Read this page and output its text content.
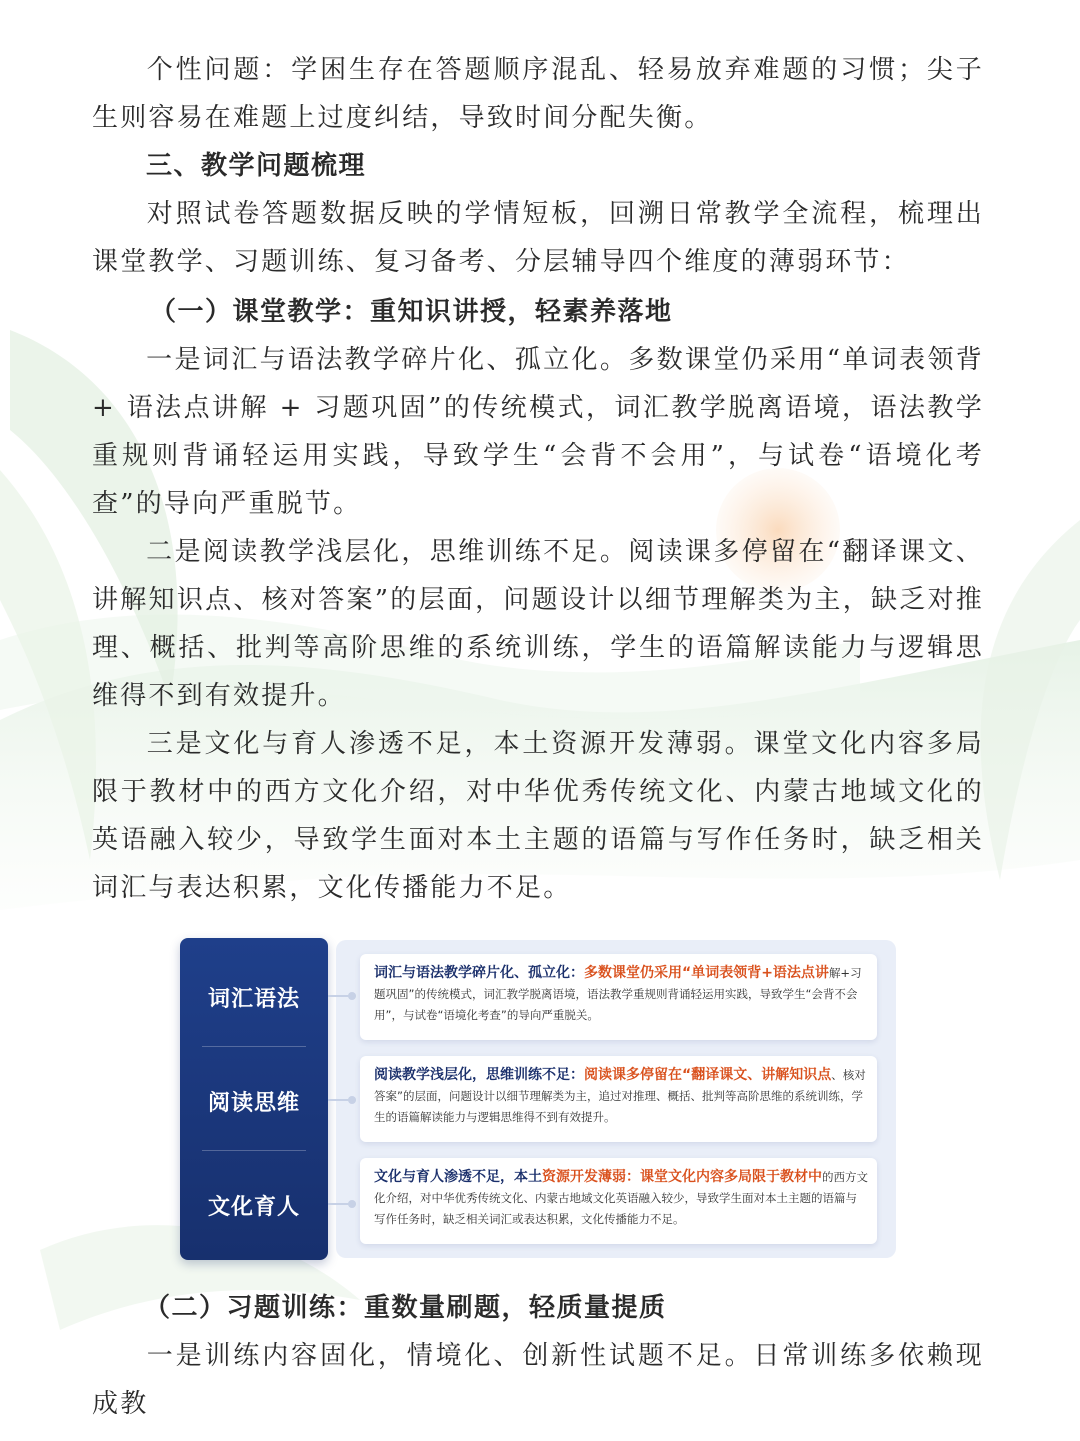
个性问题：学困生存在答题顺序混乱、轻易放弃难题的习惯；尖子生则容易在难题上过度纠结，导致时间分配失衡。

三、教学问题梳理

对照试卷答题数据反映的学情短板，回溯日常教学全流程，梳理出课堂教学、习题训练、复习备考、分层辅导四个维度的薄弱环节：

（一）课堂教学：重知识讲授，轻素养落地

一是词汇与语法教学碎片化、孤立化。多数课堂仍采用“单词表领背 + 语法点讲解 + 习题巩固”的传统模式，词汇教学脱离语境，语法教学重规则背诵轻运用实践，导致学生“会背不会用”，与试卷“语境化考查”的导向严重脱节。

二是阅读教学浅层化，思维训练不足。阅读课多停留在“翻译课文、讲解知识点、核对答案”的层面，问题设计以细节理解类为主，缺乏对推理、概括、批判等高阶思维的系统训练，学生的语篇解读能力与逻辑思维得不到有效提升。

三是文化与育人渗透不足，本土资源开发薄弱。课堂文化内容多局限于教材中的西方文化介绍，对中华优秀传统文化、内蒙古地域文化的英语融入较少，导致学生面对本土主题的语篇与写作任务时，缺乏相关词汇与表达积累，文化传播能力不足。

词汇语法
阅读思维
文化育人

词汇与语法教学碎片化、孤立化：多数课堂仍采用“单词表领背+语法点讲解+习题巩固”的传统模式，词汇教学脱离语境，语法教学重规则背诵轻运用实践，导致学生“会背不会用”，与试卷“语境化考查”的导向严重脱关。

阅读教学浅层化，思维训练不足：阅读课多停留在“翻译课文、讲解知识点、核对答案”的层面，问题设计以细节理解类为主，追过对推理、概括、批判等高阶思维的系统训练，学生的语篇解读能力与逻辑思维得不到有效提升。

文化与育人渗透不足，本土资源开发薄弱：课堂文化内容多局限于教材中的西方文化介绍，对中华优秀传统文化、内蒙古地域文化英语融入较少，导致学生面对本土主题的语篇与写作任务时，缺乏相关词汇或表达积累，文化传播能力不足。

（二）习题训练：重数量刷题，轻质量提质

一是训练内容固化，情境化、创新性试题不足。日常训练多依赖现成教
